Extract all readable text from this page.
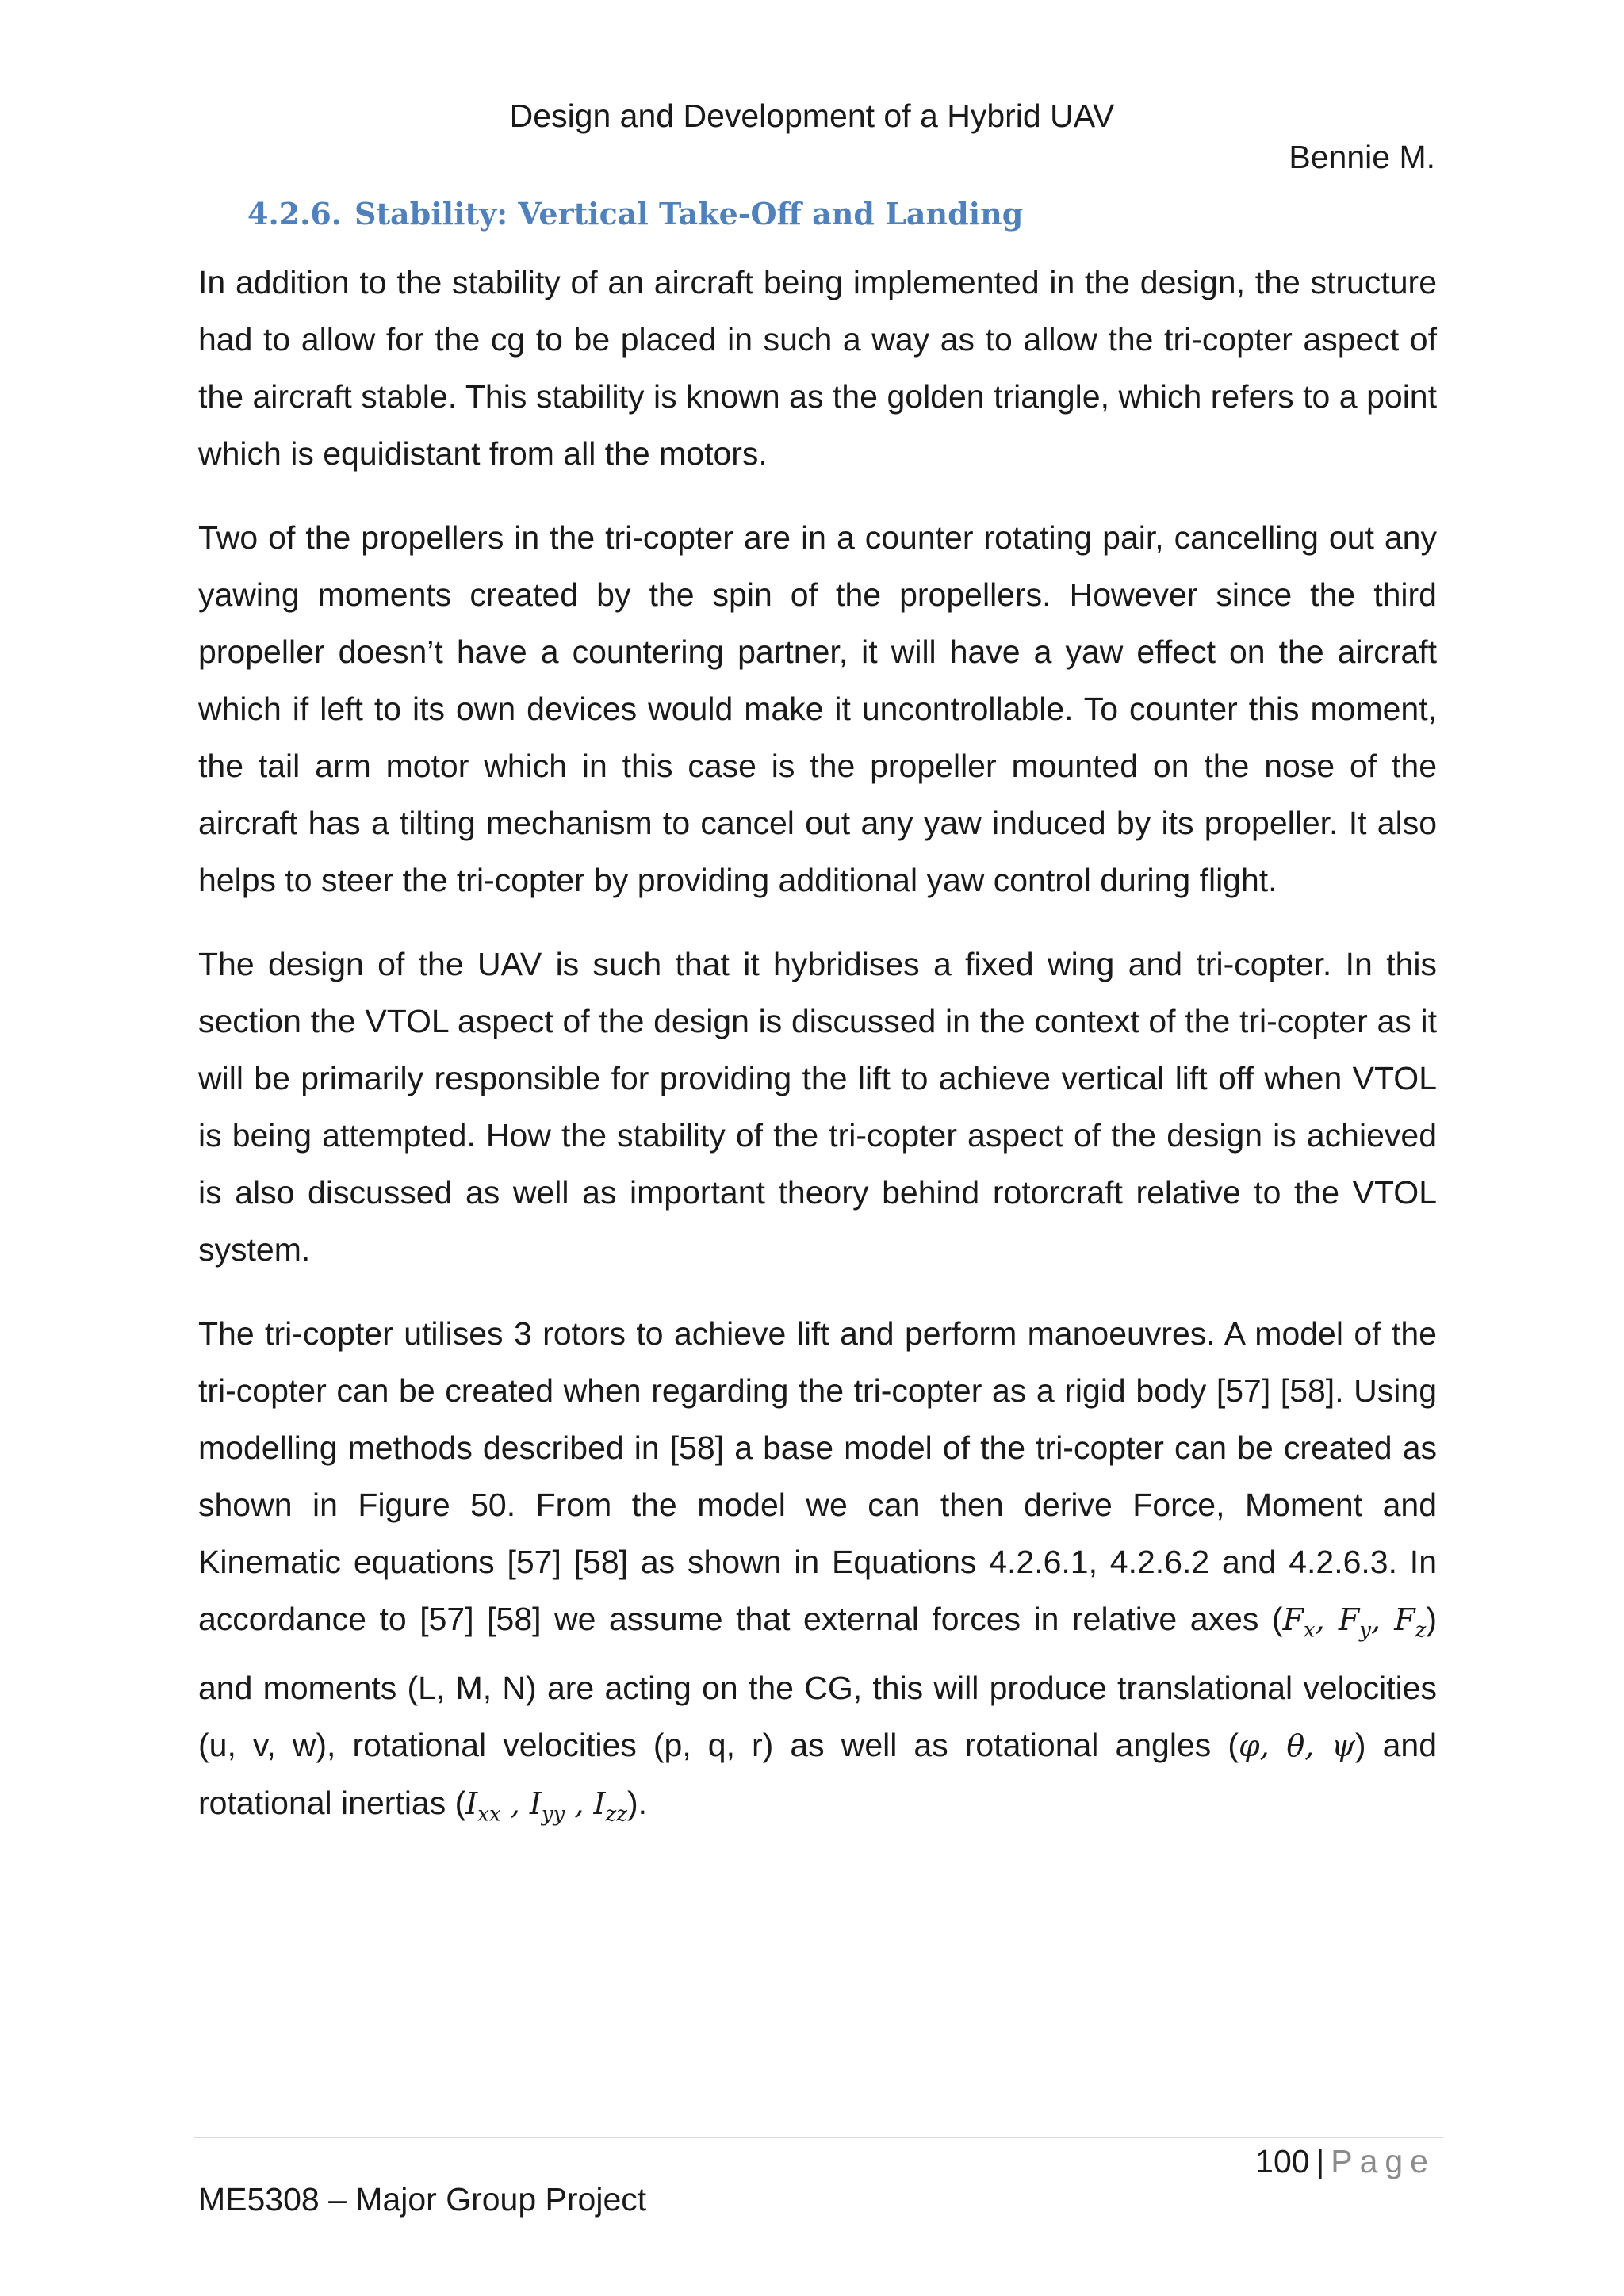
Design and Development of a Hybrid UAV
Bennie M.
4.2.6. Stability: Vertical Take-Off and Landing

In addition to the stability of an aircraft being implemented in the design, the structure had to allow for the cg to be placed in such a way as to allow the tri-copter aspect of the aircraft stable. This stability is known as the golden triangle, which refers to a point which is equidistant from all the motors.

Two of the propellers in the tri-copter are in a counter rotating pair, cancelling out any yawing moments created by the spin of the propellers. However since the third propeller doesn’t have a countering partner, it will have a yaw effect on the aircraft which if left to its own devices would make it uncontrollable. To counter this moment, the tail arm motor which in this case is the propeller mounted on the nose of the aircraft has a tilting mechanism to cancel out any yaw induced by its propeller. It also helps to steer the tri-copter by providing additional yaw control during flight.

The design of the UAV is such that it hybridises a fixed wing and tri-copter. In this section the VTOL aspect of the design is discussed in the context of the tri-copter as it will be primarily responsible for providing the lift to achieve vertical lift off when VTOL is being attempted. How the stability of the tri-copter aspect of the design is achieved is also discussed as well as important theory behind rotorcraft relative to the VTOL system.

The tri-copter utilises 3 rotors to achieve lift and perform manoeuvres. A model of the tri-copter can be created when regarding the tri-copter as a rigid body [57] [58]. Using modelling methods described in [58] a base model of the tri-copter can be created as shown in Figure 50. From the model we can then derive Force, Moment and Kinematic equations [57] [58] as shown in Equations 4.2.6.1, 4.2.6.2 and 4.2.6.3. In accordance to [57] [58] we assume that external forces in relative axes ($F_x$, $F_y$, $F_z$) and moments (L, M, N) are acting on the CG, this will produce translational velocities (u, v, w), rotational velocities (p, q, r) as well as rotational angles (φ, θ, ψ) and rotational inertias ($I_{xx}$ , $I_{yy}$ , $I_{zz}$).

100 | Page
ME5308 – Major Group Project
